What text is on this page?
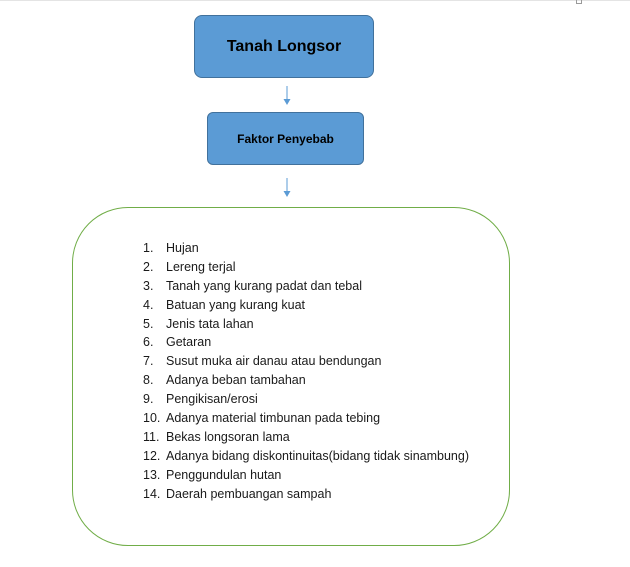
Tanah Longsor
Faktor Penyebab
1.	Hujan
2.	Lereng terjal
3.	Tanah yang kurang padat dan tebal
4.	Batuan yang kurang kuat
5.	Jenis tata lahan
6.	Getaran
7.	Susut muka air danau atau bendungan
8.	Adanya beban tambahan
9.	Pengikisan/erosi
10. Adanya material timbunan pada tebing
11. Bekas longsoran lama
12. Adanya bidang diskontinuitas(bidang tidak sinambung)
13. Penggundulan hutan
14. Daerah pembuangan sampah
